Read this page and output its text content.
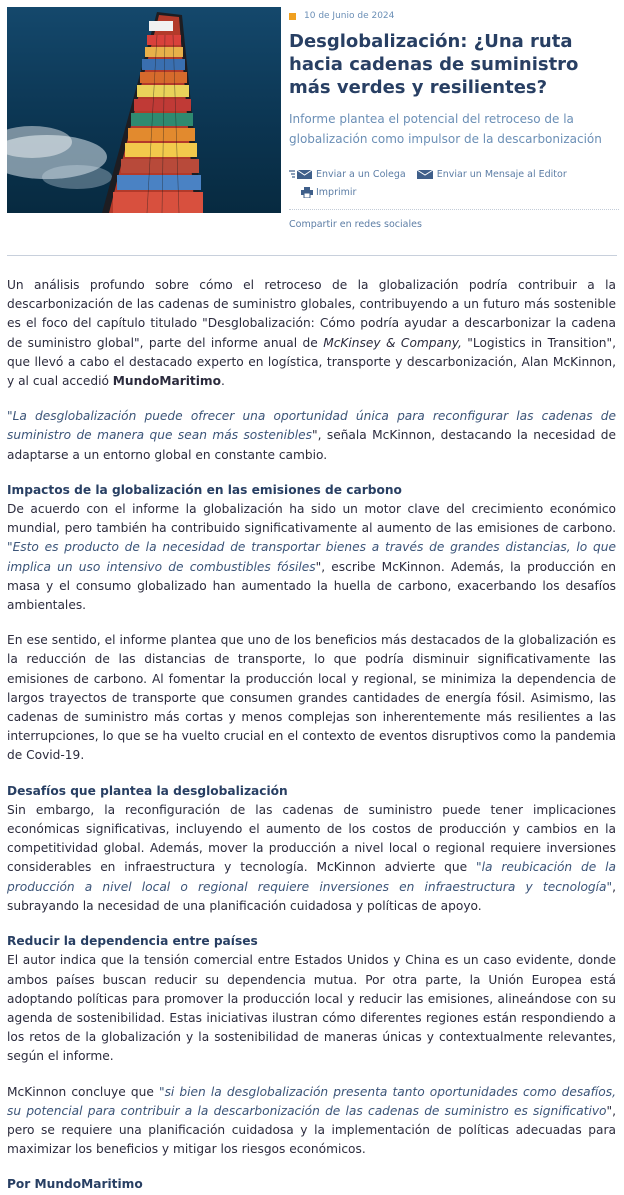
10 de Junio de 2024
Desglobalización: ¿Una ruta hacia cadenas de suministro más verdes y resilientes?

Informe plantea el potencial del retroceso de la globalización como impulsor de la descarbonización

Enviar a un Colega	Enviar un Mensaje al Editor
Imprimir
Compartir en redes sociales

Un análisis profundo sobre cómo el retroceso de la globalización podría contribuir a la descarbonización de las cadenas de suministro globales, contribuyendo a un futuro más sostenible es el foco del capítulo titulado "Desglobalización: Cómo podría ayudar a descarbonizar la cadena de suministro global", parte del informe anual de McKinsey & Company, "Logistics in Transition", que llevó a cabo el destacado experto en logística, transporte y descarbonización, Alan McKinnon, y al cual accedió MundoMaritimo.

"La desglobalización puede ofrecer una oportunidad única para reconfigurar las cadenas de suministro de manera que sean más sostenibles", señala McKinnon, destacando la necesidad de adaptarse a un entorno global en constante cambio.

Impactos de la globalización en las emisiones de carbono

De acuerdo con el informe la globalización ha sido un motor clave del crecimiento económico mundial, pero también ha contribuido significativamente al aumento de las emisiones de carbono. "Esto es producto de la necesidad de transportar bienes a través de grandes distancias, lo que implica un uso intensivo de combustibles fósiles", escribe McKinnon. Además, la producción en masa y el consumo globalizado han aumentado la huella de carbono, exacerbando los desafíos ambientales.

En ese sentido, el informe plantea que uno de los beneficios más destacados de la globalización es la reducción de las distancias de transporte, lo que podría disminuir significativamente las emisiones de carbono. Al fomentar la producción local y regional, se minimiza la dependencia de largos trayectos de transporte que consumen grandes cantidades de energía fósil. Asimismo, las cadenas de suministro más cortas y menos complejas son inherentemente más resilientes a las interrupciones, lo que se ha vuelto crucial en el contexto de eventos disruptivos como la pandemia de Covid-19.

Desafíos que plantea la desglobalización

Sin embargo, la reconfiguración de las cadenas de suministro puede tener implicaciones económicas significativas, incluyendo el aumento de los costos de producción y cambios en la competitividad global. Además, mover la producción a nivel local o regional requiere inversiones considerables en infraestructura y tecnología. McKinnon advierte que "la reubicación de la producción a nivel local o regional requiere inversiones en infraestructura y tecnología", subrayando la necesidad de una planificación cuidadosa y políticas de apoyo.

Reducir la dependencia entre países

El autor indica que la tensión comercial entre Estados Unidos y China es un caso evidente, donde ambos países buscan reducir su dependencia mutua. Por otra parte, la Unión Europea está adoptando políticas para promover la producción local y reducir las emisiones, alineándose con su agenda de sostenibilidad. Estas iniciativas ilustran cómo diferentes regiones están respondiendo a los retos de la globalización y la sostenibilidad de maneras únicas y contextualmente relevantes, según el informe.

McKinnon concluye que "si bien la desglobalización presenta tanto oportunidades como desafíos, su potencial para contribuir a la descarbonización de las cadenas de suministro es significativo", pero se requiere una planificación cuidadosa y la implementación de políticas adecuadas para maximizar los beneficios y mitigar los riesgos económicos.

Por MundoMaritimo
